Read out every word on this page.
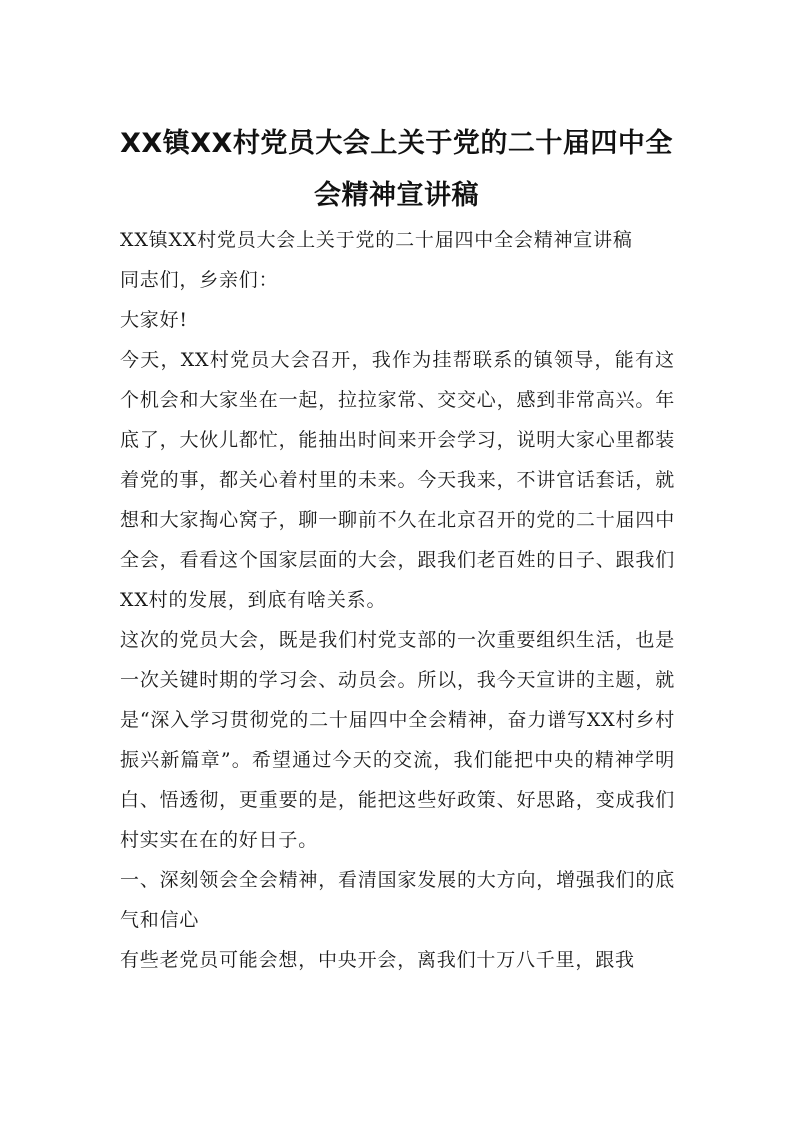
XX镇XX村党员大会上关于党的二十届四中全会精神宣讲稿

XX镇XX村党员大会上关于党的二十届四中全会精神宣讲稿

同志们，乡亲们：

大家好!

今天，XX村党员大会召开，我作为挂帮联系的镇领导，能有这个机会和大家坐在一起，拉拉家常、交交心，感到非常高兴。年底了，大伙儿都忙，能抽出时间来开会学习，说明大家心里都装着党的事，都关心着村里的未来。今天我来，不讲官话套话，就想和大家掏心窝子，聊一聊前不久在北京召开的党的二十届四中全会，看看这个国家层面的大会，跟我们老百姓的日子、跟我们XX村的发展，到底有啥关系。

这次的党员大会，既是我们村党支部的一次重要组织生活，也是一次关键时期的学习会、动员会。所以，我今天宣讲的主题，就是“深入学习贯彻党的二十届四中全会精神，奋力谱写XX村乡村振兴新篇章”。希望通过今天的交流，我们能把中央的精神学明白、悟透彻，更重要的是，能把这些好政策、好思路，变成我们村实实在在的好日子。

一、深刻领会全会精神，看清国家发展的大方向，增强我们的底气和信心

有些老党员可能会想，中央开会，离我们十万八千里，跟我
